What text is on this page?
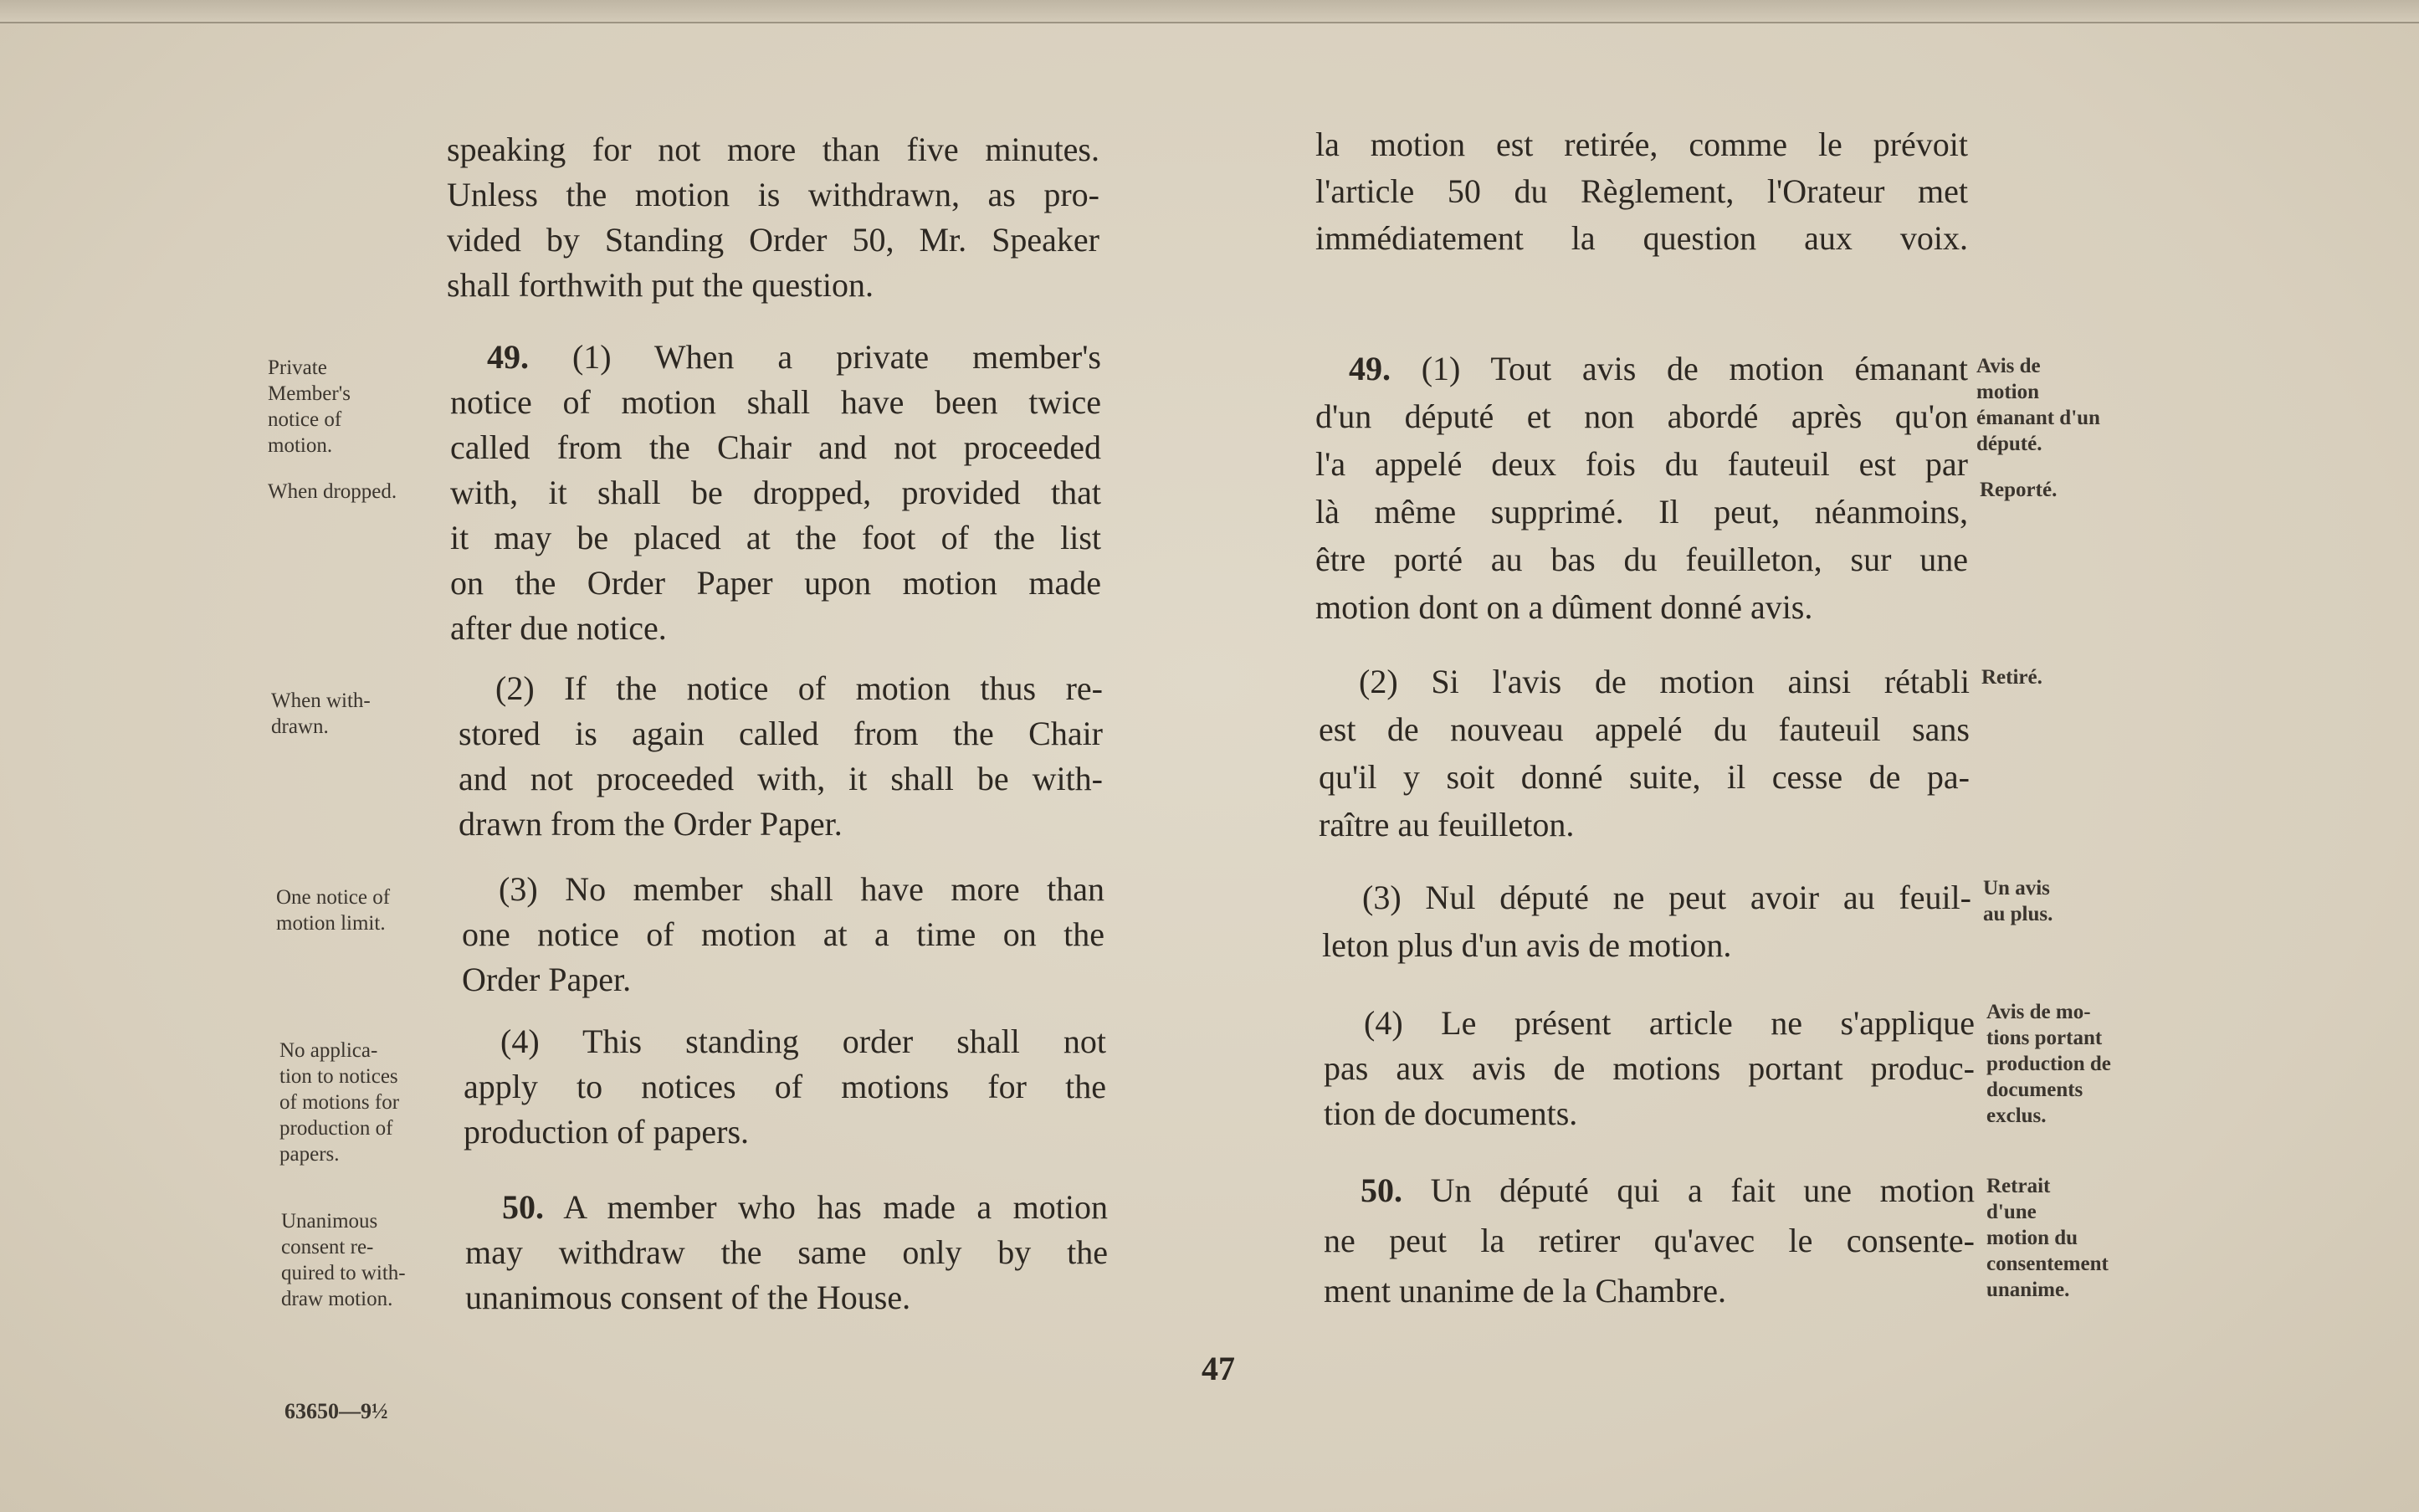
speaking for not more than five minutes.
Unless the motion is withdrawn, as pro-
vided by Standing Order 50, Mr. Speaker
shall forthwith put the question.
49. (1) When a private member's
notice of motion shall have been twice
called from the Chair and not proceeded
with, it shall be dropped, provided that
it may be placed at the foot of the list
on the Order Paper upon motion made
after due notice.
(2) If the notice of motion thus re-
stored is again called from the Chair
and not proceeded with, it shall be with-
drawn from the Order Paper.
(3) No member shall have more than
one notice of motion at a time on the
Order Paper.
(4) This standing order shall not
apply to notices of motions for the
production of papers.
50. A member who has made a motion
may withdraw the same only by the
unanimous consent of the House.
Private
Member's
notice of
motion.
When dropped.
When with-
drawn.
One notice of
motion limit.
No applica-
tion to notices
of motions for
production of
papers.
Unanimous
consent re-
quired to with-
draw motion.
la motion est retirée, comme le prévoit
l'article 50 du Règlement, l'Orateur met
immédiatement la question aux voix.
49. (1) Tout avis de motion émanant
d'un député et non abordé après qu'on
l'a appelé deux fois du fauteuil est par
là même supprimé. Il peut, néanmoins,
être porté au bas du feuilleton, sur une
motion dont on a dûment donné avis.
(2) Si l'avis de motion ainsi rétabli
est de nouveau appelé du fauteuil sans
qu'il y soit donné suite, il cesse de pa-
raître au feuilleton.
(3) Nul député ne peut avoir au feuil-
leton plus d'un avis de motion.
(4) Le présent article ne s'applique
pas aux avis de motions portant produc-
tion de documents.
50. Un député qui a fait une motion
ne peut la retirer qu'avec le consente-
ment unanime de la Chambre.
Avis de
motion
émanant d'un
député.
Reporté.
Retiré.
Un avis
au plus.
Avis de mo-
tions portant
production de
documents
exclus.
Retrait
d'une
motion du
consentement
unanime.
47
63650—9½
